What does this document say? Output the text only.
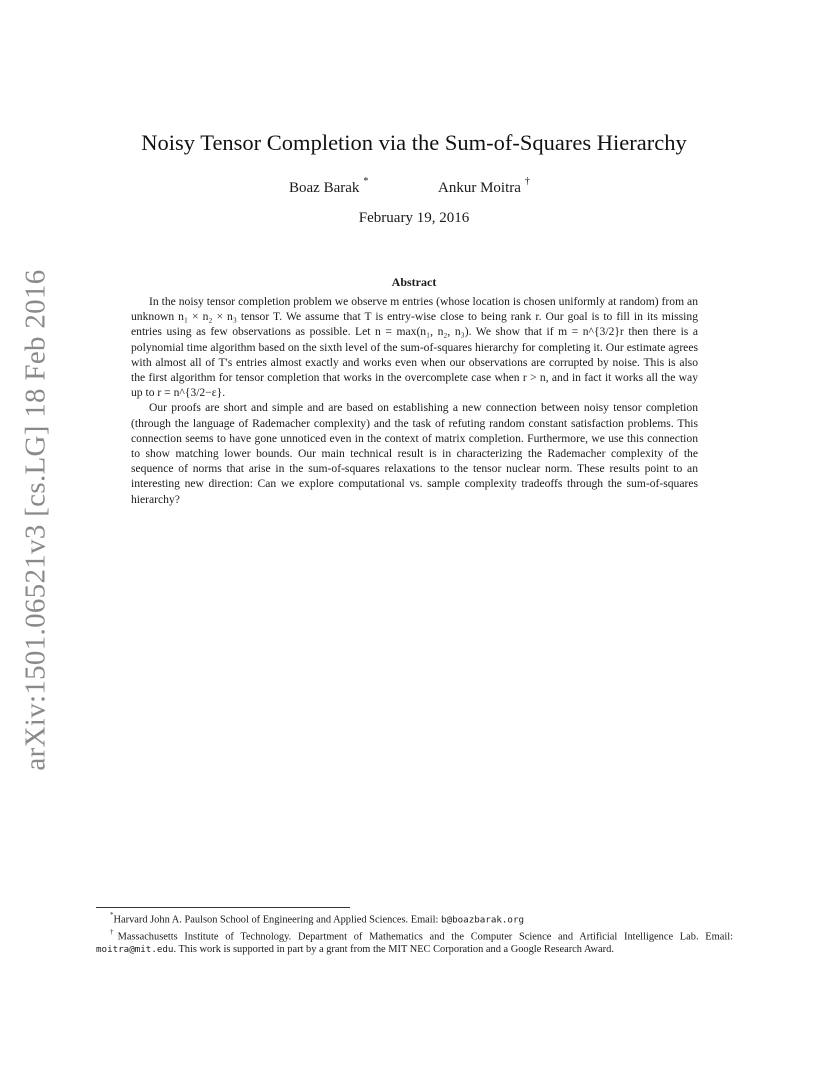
arXiv:1501.06521v3 [cs.LG] 18 Feb 2016
Noisy Tensor Completion via the Sum-of-Squares Hierarchy
Boaz Barak *	Ankur Moitra †
February 19, 2016
Abstract

In the noisy tensor completion problem we observe m entries (whose location is chosen uniformly at random) from an unknown n₁ × n₂ × n₃ tensor T. We assume that T is entry-wise close to being rank r. Our goal is to fill in its missing entries using as few observations as possible. Let n = max(n₁, n₂, n₃). We show that if m = n^{3/2}r then there is a polynomial time algorithm based on the sixth level of the sum-of-squares hierarchy for completing it. Our estimate agrees with almost all of T's entries almost exactly and works even when our observations are corrupted by noise. This is also the first algorithm for tensor completion that works in the overcomplete case when r > n, and in fact it works all the way up to r = n^{3/2−ε}.

Our proofs are short and simple and are based on establishing a new connection between noisy tensor completion (through the language of Rademacher complexity) and the task of refuting random constant satisfaction problems. This connection seems to have gone unnoticed even in the context of matrix completion. Furthermore, we use this connection to show matching lower bounds. Our main technical result is in characterizing the Rademacher complexity of the sequence of norms that arise in the sum-of-squares relaxations to the tensor nuclear norm. These results point to an interesting new direction: Can we explore computational vs. sample complexity tradeoffs through the sum-of-squares hierarchy?

*Harvard John A. Paulson School of Engineering and Applied Sciences. Email: b@boazbarak.org

†Massachusetts Institute of Technology. Department of Mathematics and the Computer Science and Artificial Intelligence Lab. Email: moitra@mit.edu. This work is supported in part by a grant from the MIT NEC Corporation and a Google Research Award.
